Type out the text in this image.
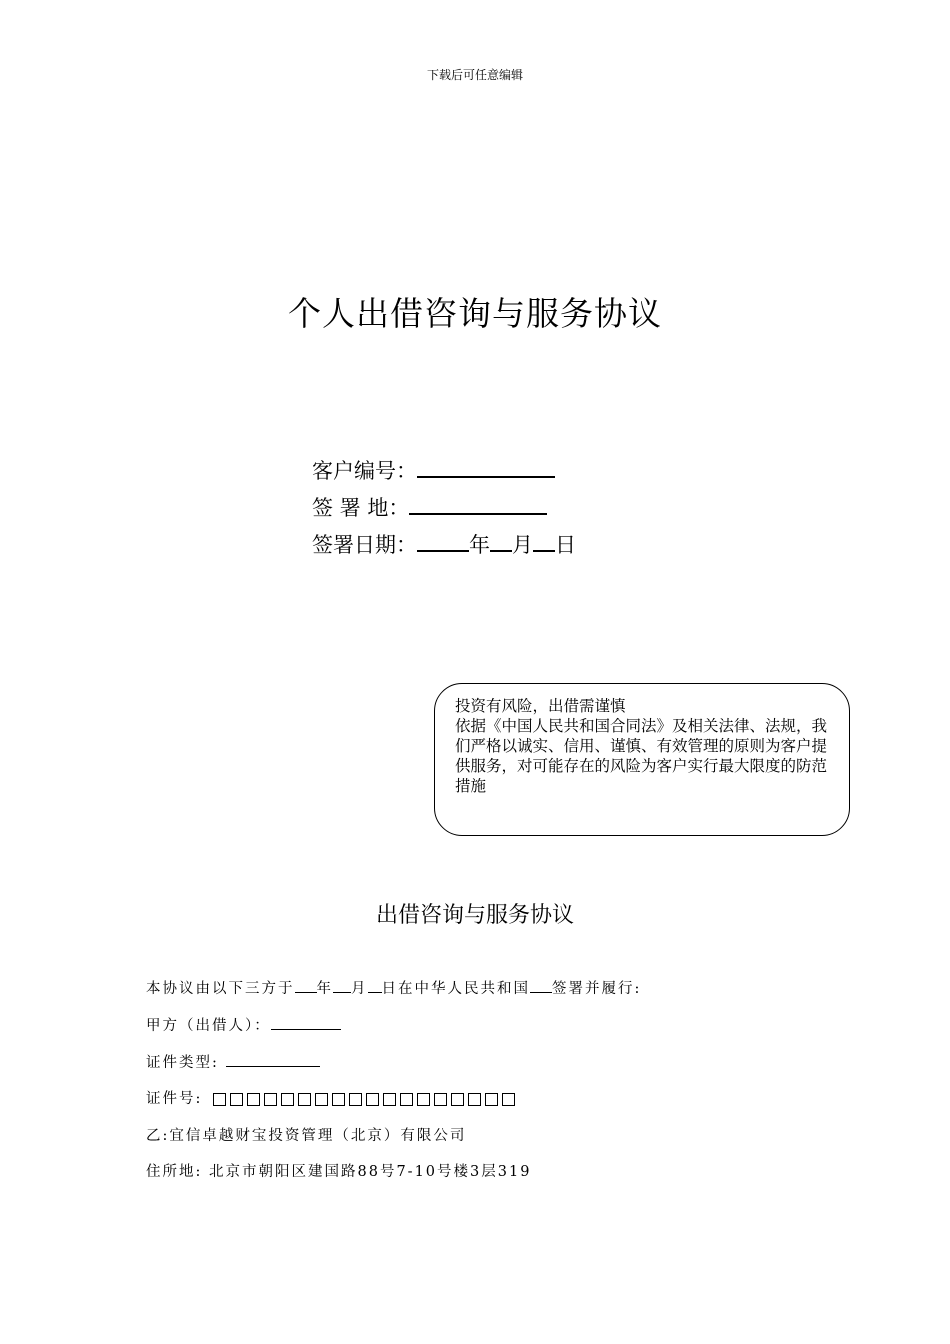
下载后可任意编辑
个人出借咨询与服务协议
客户编号：
签 署 地：
签署日期： 年 月 日

投资有风险，出借需谨慎

依据《中国人民共和国合同法》及相关法律、法规，我们严格以诚实、信用、谨慎、有效管理的原则为客户提供服务，对可能存在的风险为客户实行最大限度的防范措施

出借咨询与服务协议
本协议由以下三方于 年 月 日在中华人民共和国 签署并履行:
甲方（出借人）：
证件类型:
证件号:
乙:宜信卓越财宝投资管理（北京）有限公司
住所地: 北京市朝阳区建国路88号7-10号楼3层319
